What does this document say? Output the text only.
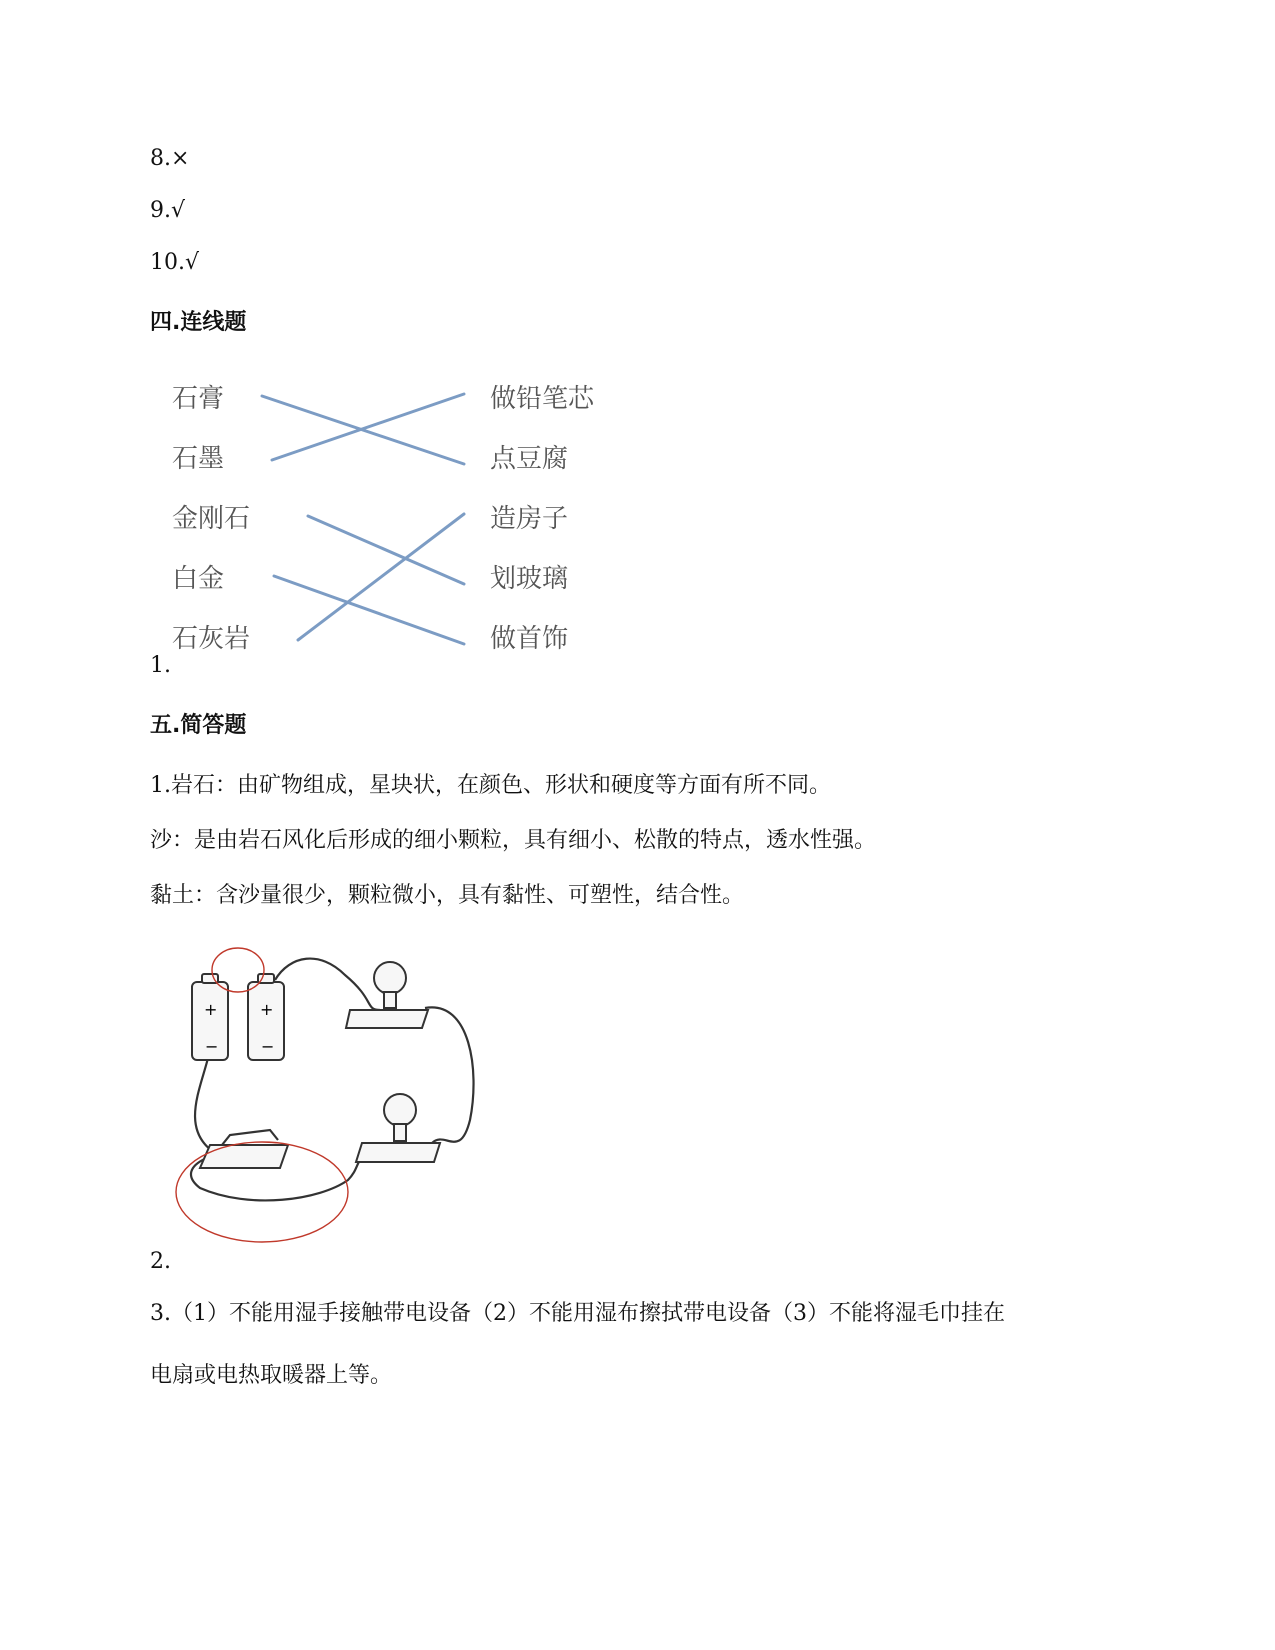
8.×
9.√
10.√
四.连线题
石膏
石墨
金刚石
白金
石灰岩
做铅笔芯
点豆腐
造房子
划玻璃
做首饰
1.
五.简答题
1.岩石：由矿物组成，星块状，在颜色、形状和硬度等方面有所不同。
沙：是由岩石风化后形成的细小颗粒，具有细小、松散的特点，透水性强。
黏土：含沙量很少，颗粒微小，具有黏性、可塑性，结合性。
+	+
−	−
2.
3.（1）不能用湿手接触带电设备（2）不能用湿布擦拭带电设备（3）不能将湿毛巾挂在
电扇或电热取暖器上等。
